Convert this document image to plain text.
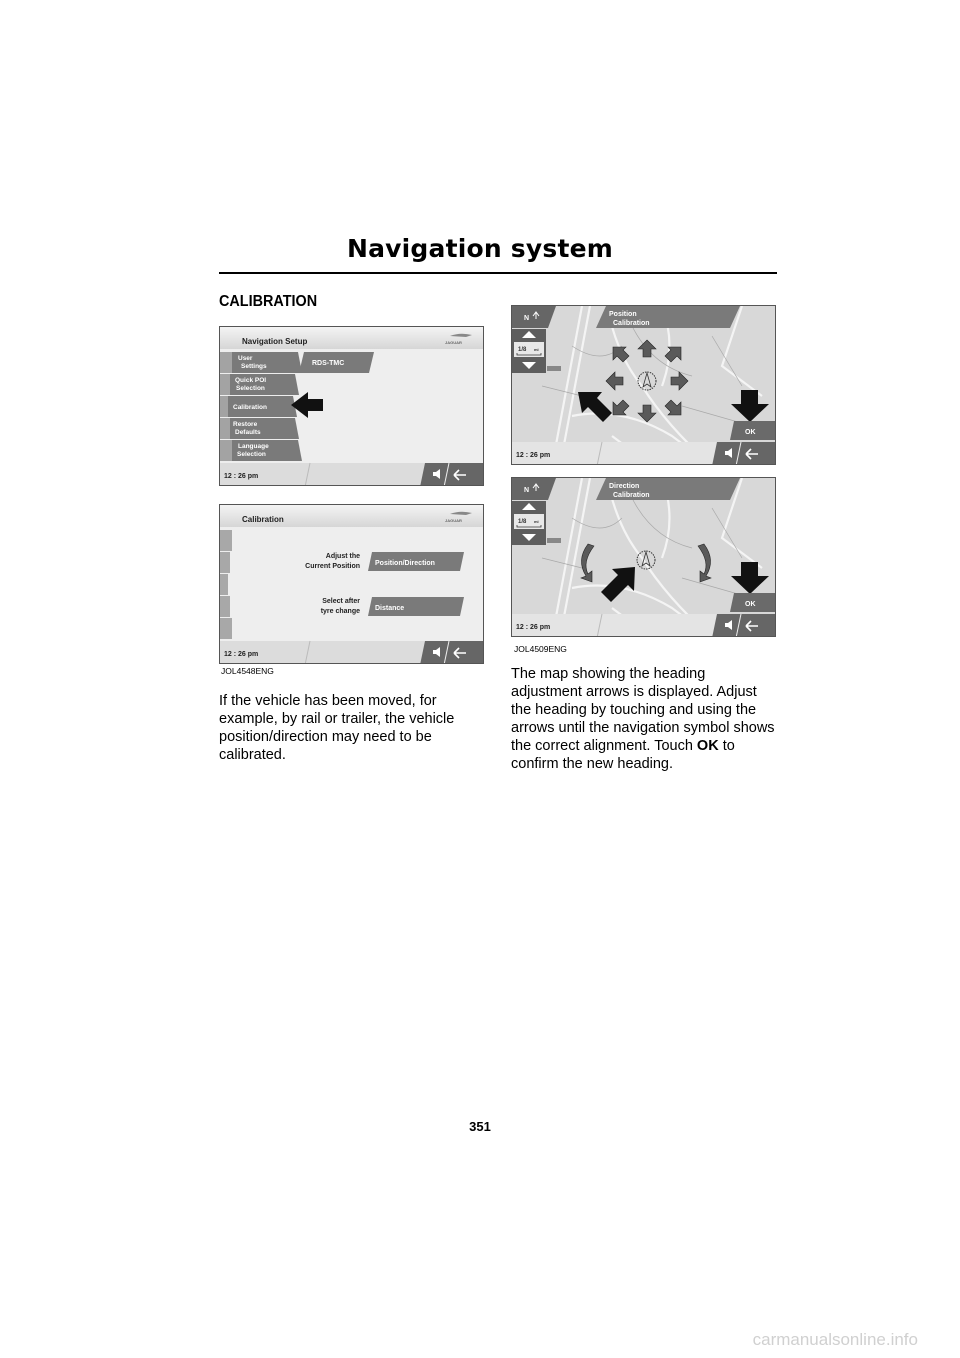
Navigation system
CALIBRATION
Navigation Setup	JAGUAR
User
Settings
Quick POI
Selection
Calibration
Restore
Defaults
Language
Selection
RDS-TMC
12 : 26 pm
Calibration	JAGUAR
Adjust the
Current Position Position/Direction
Select after
tyre change Distance
12 : 26 pm
JOL4548ENG
N
1/8 mi
Position
Calibration
OK
12 : 26 pm
N
1/8 mi
Direction
Calibration
OK
12 : 26 pm
JOL4509ENG
If the vehicle has been moved, for example, by rail or trailer, the vehicle position/direction may need to be calibrated.
The map showing the heading adjustment arrows is displayed. Adjust the heading by touching and using the arrows until the navigation symbol shows the correct alignment. Touch OK to confirm the new heading.
351
carmanualsonline.info
